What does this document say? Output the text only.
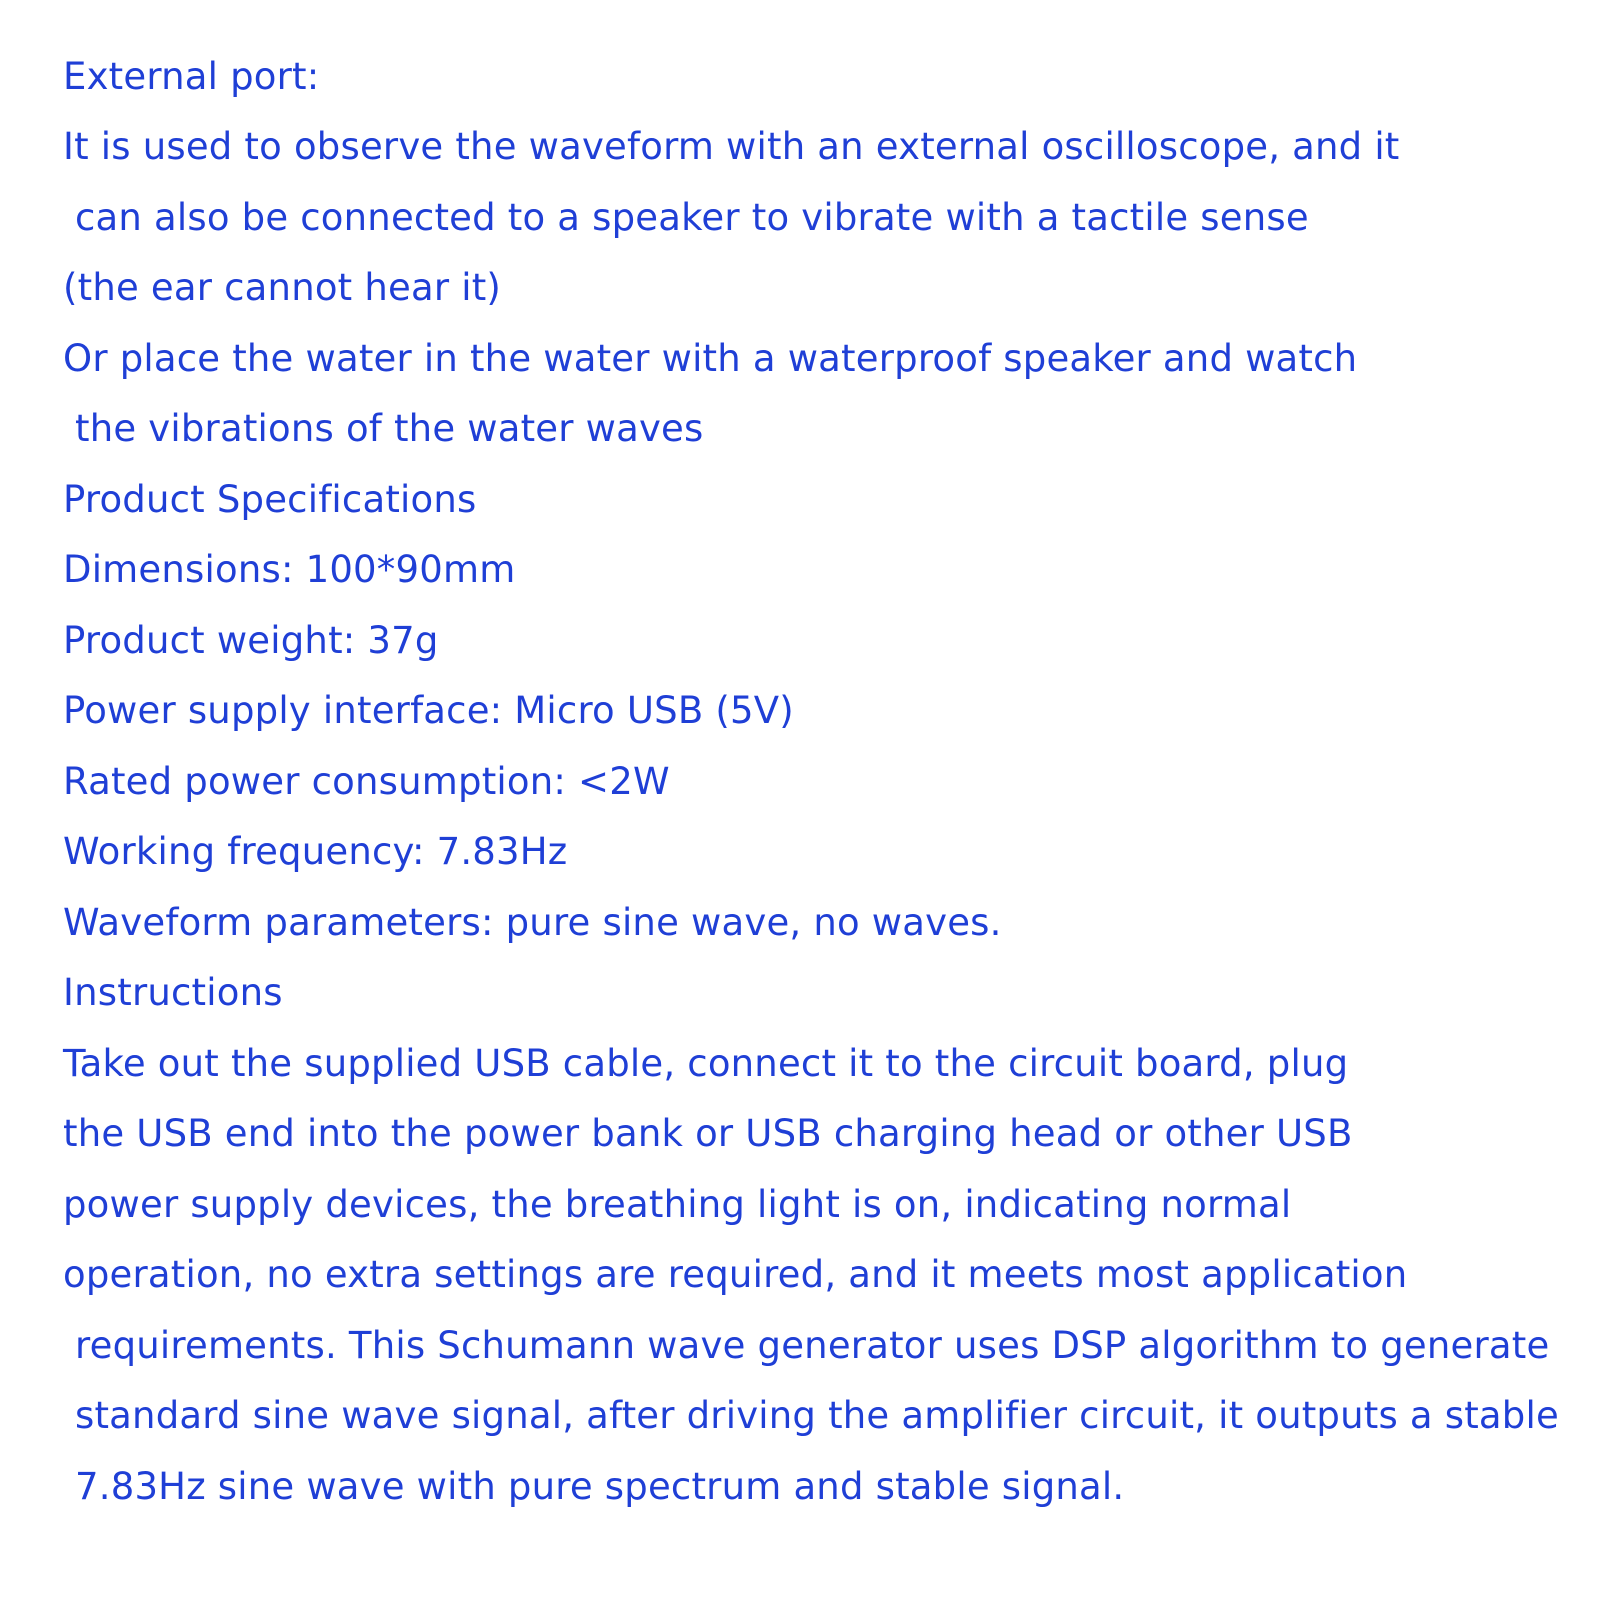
External port:

It is used to observe the waveform with an external oscilloscope, and it

can also be connected to a speaker to vibrate with a tactile sense

(the ear cannot hear it)

Or place the water in the water with a waterproof speaker and watch

the vibrations of the water waves

Product Specifications

Dimensions: 100*90mm

Product weight: 37g

Power supply interface: Micro USB (5V)

Rated power consumption: <2W

Working frequency: 7.83Hz

Waveform parameters: pure sine wave, no waves.

Instructions

Take out the supplied USB cable, connect it to the circuit board, plug

the USB end into the power bank or USB charging head or other USB

power supply devices, the breathing light is on, indicating normal

operation, no extra settings are required, and it meets most application

requirements. This Schumann wave generator uses DSP algorithm to generate

standard sine wave signal, after driving the amplifier circuit, it outputs a stable

7.83Hz sine wave with pure spectrum and stable signal.
